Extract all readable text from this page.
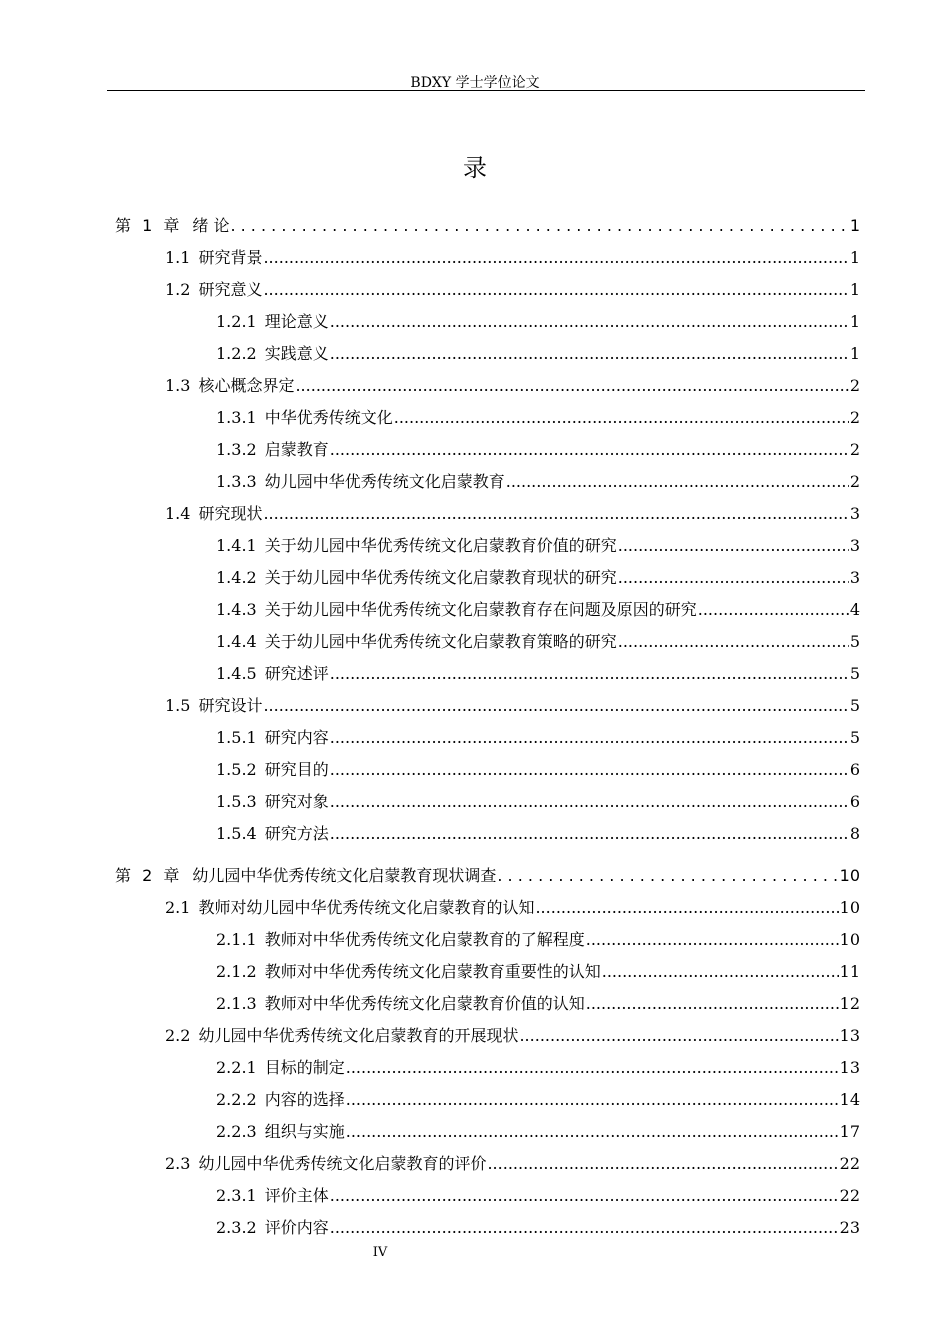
BDXY 学士学位论文
录
第 1 章 绪 论 . . .	1
1.1 研究背景 .....	1
1.2 研究意义 .....	1
1.2.1 理论意义 .....	1
1.2.2 实践意义 .....	1
1.3 核心概念界定 .....	2
1.3.1 中华优秀传统文化 .....	2
1.3.2 启蒙教育 .....	2
1.3.3 幼儿园中华优秀传统文化启蒙教育 .....	2
1.4 研究现状 .....	3
1.4.1 关于幼儿园中华优秀传统文化启蒙教育价值的研究 .....	3
1.4.2 关于幼儿园中华优秀传统文化启蒙教育现状的研究 .....	3
1.4.3 关于幼儿园中华优秀传统文化启蒙教育存在问题及原因的研究 .....	4
1.4.4 关于幼儿园中华优秀传统文化启蒙教育策略的研究 .....	5
1.4.5 研究述评 .....	5
1.5 研究设计 .....	5
1.5.1 研究内容 .....	5
1.5.2 研究目的 .....	6
1.5.3 研究对象 .....	6
1.5.4 研究方法 .....	8
第 2 章 幼儿园中华优秀传统文化启蒙教育现状调查 . . .	10
2.1 教师对幼儿园中华优秀传统文化启蒙教育的认知 .....	10
2.1.1 教师对中华优秀传统文化启蒙教育的了解程度 .....	10
2.1.2 教师对中华优秀传统文化启蒙教育重要性的认知 .....	11
2.1.3 教师对中华优秀传统文化启蒙教育价值的认知 .....	12
2.2 幼儿园中华优秀传统文化启蒙教育的开展现状 .....	13
2.2.1 目标的制定 .....	13
2.2.2 内容的选择 .....	14
2.2.3 组织与实施 .....	17
2.3 幼儿园中华优秀传统文化启蒙教育的评价 .....	22
2.3.1 评价主体 .....	22
2.3.2 评价内容 .....	23
IV
